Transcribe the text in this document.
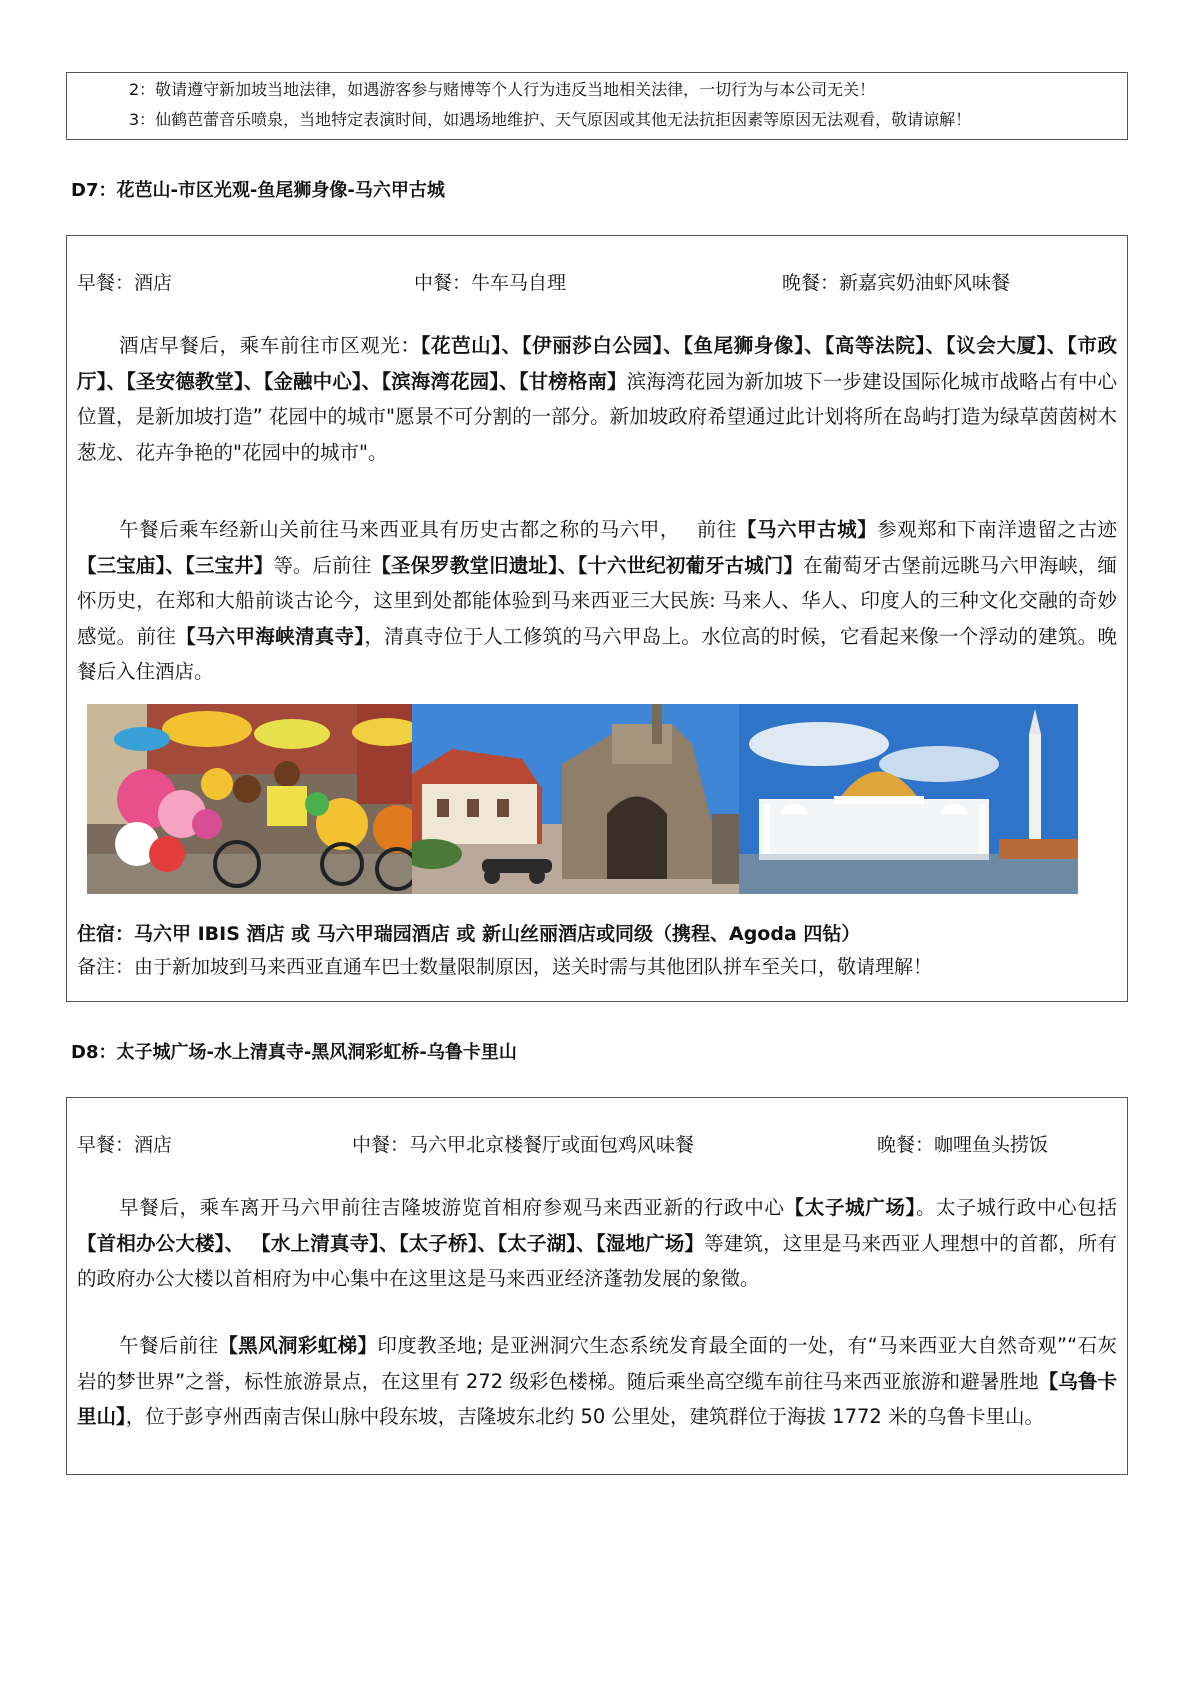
2：敬请遵守新加坡当地法律，如遇游客参与赌博等个人行为违反当地相关法律，一切行为与本公司无关！
3：仙鹤芭蕾音乐喷泉，当地特定表演时间，如遇场地维护、天气原因或其他无法抗拒因素等原因无法观看，敬请谅解！
D7：花芭山-市区光观-鱼尾狮身像-马六甲古城
早餐：酒店	中餐：牛车马自理	晚餐：新嘉宾奶油虾风味餐
酒店早餐后，乘车前往市区观光：【花芭山】、【伊丽莎白公园】、【鱼尾狮身像】、【高等法院】、【议会大厦】、【市政厅】、【圣安德教堂】、【金融中心】、【滨海湾花园】、【甘榜格南】滨海湾花园为新加坡下一步建设国际化城市战略占有中心位置，是新加坡打造” 花园中的城市"愿景不可分割的一部分。新加坡政府希望通过此计划将所在岛屿打造为绿草茵茵树木葱龙、花卉争艳的"花园中的城市"。
午餐后乘车经新山关前往马来西亚具有历史古都之称的马六甲，　 前往【马六甲古城】参观郑和下南洋遗留之古迹【三宝庙】、【三宝井】等。后前往【圣保罗教堂旧遗址】、【十六世纪初葡牙古城门】在葡萄牙古堡前远眺马六甲海峡，缅怀历史，在郑和大船前谈古论今，这里到处都能体验到马来西亚三大民族: 马来人、华人、印度人的三种文化交融的奇妙感觉。前往【马六甲海峡清真寺】，清真寺位于人工修筑的马六甲岛上。水位高的时候，它看起来像一个浮动的建筑。晚餐后入住酒店。
住宿：马六甲 IBIS 酒店 或 马六甲瑞园酒店 或 新山丝丽酒店或同级（携程、Agoda 四钻）
备注：由于新加坡到马来西亚直通车巴士数量限制原因，送关时需与其他团队拼车至关口，敬请理解！
D8：太子城广场-水上清真寺-黑风洞彩虹桥-乌鲁卡里山
早餐：酒店	中餐：马六甲北京楼餐厅或面包鸡风味餐	晚餐：咖哩鱼头捞饭
早餐后，乘车离开马六甲前往吉隆坡游览首相府参观马来西亚新的行政中心【太子城广场】。太子城行政中心包括【首相办公大楼】、 【水上清真寺】、【太子桥】、【太子湖】、【湿地广场】等建筑，这里是马来西亚人理想中的首都，所有的政府办公大楼以首相府为中心集中在这里这是马来西亚经济蓬勃发展的象徵。
午餐后前往【黑风洞彩虹梯】印度教圣地; 是亚洲洞穴生态系统发育最全面的一处，有“马来西亚大自然奇观”“石灰岩的梦世界”之誉，标性旅游景点，在这里有 272 级彩色楼梯。随后乘坐高空缆车前往马来西亚旅游和避暑胜地【乌鲁卡里山】，位于彭亨州西南吉保山脉中段东坡，吉隆坡东北约 50 公里处，建筑群位于海拔 1772 米的乌鲁卡里山。
